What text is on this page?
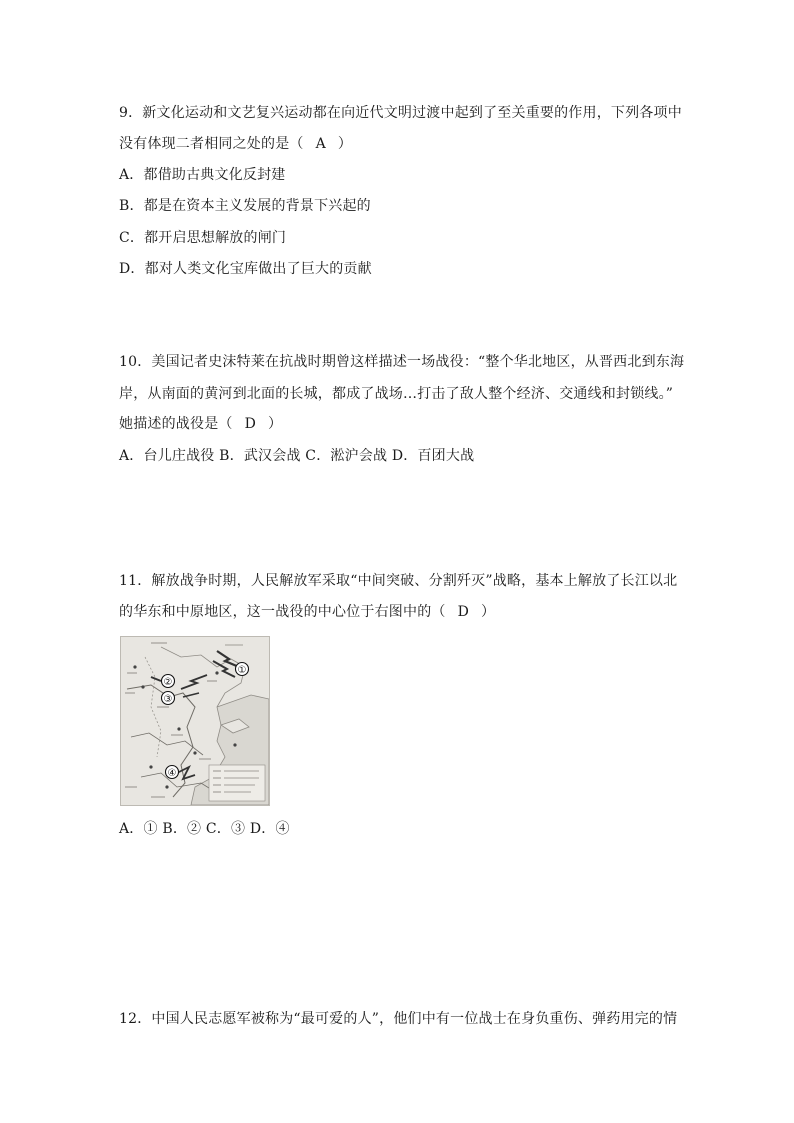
9．新文化运动和文艺复兴运动都在向近代文明过渡中起到了至关重要的作用，下列各项中
没有体现二者相同之处的是（ A ）
A．都借助古典文化反封建
B．都是在资本主义发展的背景下兴起的
C．都开启思想解放的闸门
D．都对人类文化宝库做出了巨大的贡献
10．美国记者史沫特莱在抗战时期曾这样描述一场战役：“整个华北地区，从晋西北到东海
岸，从南面的黄河到北面的长城，都成了战场…打击了敌人整个经济、交通线和封锁线。”
她描述的战役是（ D ）
A．台儿庄战役 B．武汉会战 C．淞沪会战 D．百团大战
11．解放战争时期，人民解放军采取“中间突破、分割歼灭”战略，基本上解放了长江以北
的华东和中原地区，这一战役的中心位于右图中的（ D ）
①
②
③
④
A．① B．② C．③ D．④
12．中国人民志愿军被称为“最可爱的人”，他们中有一位战士在身负重伤、弹药用完的情
